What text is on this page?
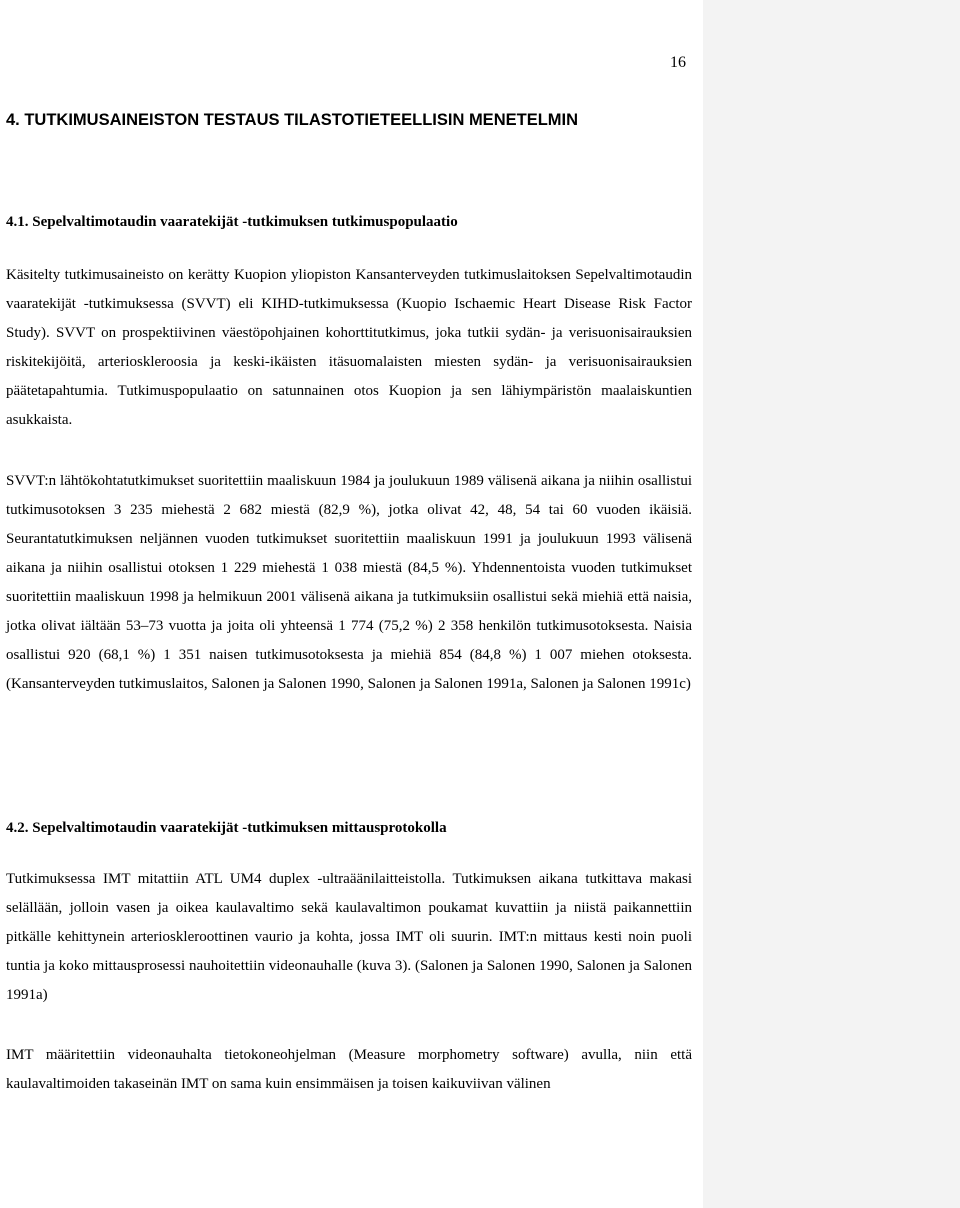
16
4. TUTKIMUSAINEISTON TESTAUS TILASTOTIETEELLISIN MENETELMIN
4.1. Sepelvaltimotaudin vaaratekijät -tutkimuksen tutkimuspopulaatio

Käsitelty tutkimusaineisto on kerätty Kuopion yliopiston Kansanterveyden tutkimuslaitoksen Sepelvaltimotaudin vaaratekijät -tutkimuksessa (SVVT) eli KIHD-tutkimuksessa (Kuopio Ischaemic Heart Disease Risk Factor Study). SVVT on prospektiivinen väestöpohjainen kohorttitutkimus, joka tutkii sydän- ja verisuonisairauksien riskitekijöitä, arterioskleroosia ja keski-ikäisten itäsuomalaisten miesten sydän- ja verisuonisairauksien päätetapahtumia. Tutkimuspopulaatio on satunnainen otos Kuopion ja sen lähiympäristön maalaiskuntien asukkaista.

SVVT:n lähtökohtatutkimukset suoritettiin maaliskuun 1984 ja joulukuun 1989 välisenä aikana ja niihin osallistui tutkimusotoksen 3 235 miehestä 2 682 miestä (82,9 %), jotka olivat 42, 48, 54 tai 60 vuoden ikäisiä. Seurantatutkimuksen neljännen vuoden tutkimukset suoritettiin maaliskuun 1991 ja joulukuun 1993 välisenä aikana ja niihin osallistui otoksen 1 229 miehestä 1 038 miestä (84,5 %). Yhdennentoista vuoden tutkimukset suoritettiin maaliskuun 1998 ja helmikuun 2001 välisenä aikana ja tutkimuksiin osallistui sekä miehiä että naisia, jotka olivat iältään 53–73 vuotta ja joita oli yhteensä 1 774 (75,2 %) 2 358 henkilön tutkimusotoksesta. Naisia osallistui 920 (68,1 %) 1 351 naisen tutkimusotoksesta ja miehiä 854 (84,8 %) 1 007 miehen otoksesta. (Kansanterveyden tutkimuslaitos, Salonen ja Salonen 1990, Salonen ja Salonen 1991a, Salonen ja Salonen 1991c)

4.2. Sepelvaltimotaudin vaaratekijät -tutkimuksen mittausprotokolla

Tutkimuksessa IMT mitattiin ATL UM4 duplex -ultraäänilaitteistolla. Tutkimuksen aikana tutkittava makasi selällään, jolloin vasen ja oikea kaulavaltimo sekä kaulavaltimon poukamat kuvattiin ja niistä paikannettiin pitkälle kehittynein arterioskleroottinen vaurio ja kohta, jossa IMT oli suurin. IMT:n mittaus kesti noin puoli tuntia ja koko mittausprosessi nauhoitettiin videonauhalle (kuva 3). (Salonen ja Salonen 1990, Salonen ja Salonen 1991a)

IMT määritettiin videonauhalta tietokoneohjelman (Measure morphometry software) avulla, niin että kaulavaltimoiden takaseinän IMT on sama kuin ensimmäisen ja toisen kaikuviivan välinen
